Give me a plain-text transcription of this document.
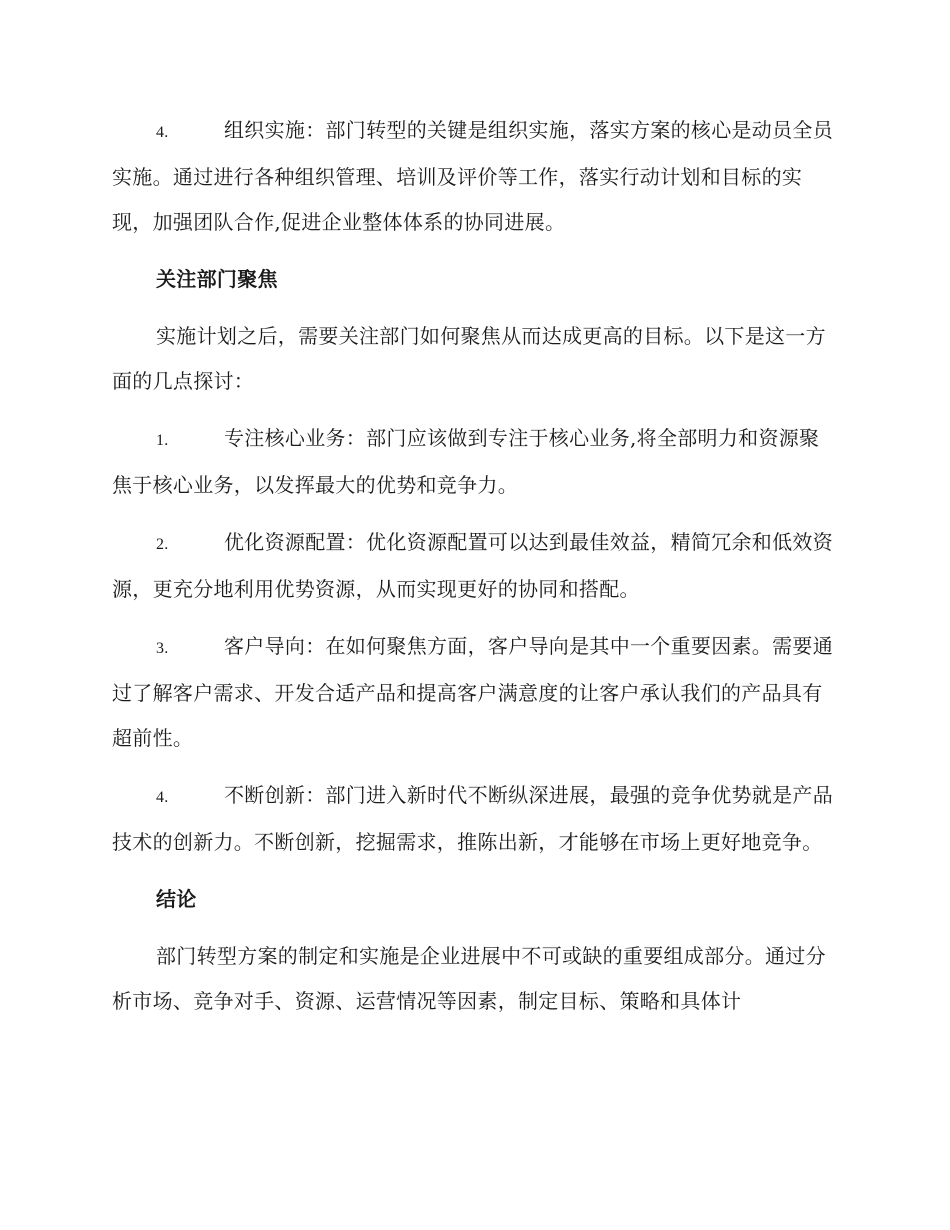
4.	组织实施：部门转型的关键是组织实施，落实方案的核心是动员全员实施。通过进行各种组织管理、培训及评价等工作，落实行动计划和目标的实现，加强团队合作,促进企业整体体系的协同进展。

关注部门聚焦

实施计划之后，需要关注部门如何聚焦从而达成更高的目标。以下是这一方面的几点探讨：

1.	专注核心业务：部门应该做到专注于核心业务,将全部明力和资源聚焦于核心业务，以发挥最大的优势和竞争力。

2.	优化资源配置：优化资源配置可以达到最佳效益，精简冗余和低效资源，更充分地利用优势资源，从而实现更好的协同和搭配。

3.	客户导向：在如何聚焦方面，客户导向是其中一个重要因素。需要通过了解客户需求、开发合适产品和提高客户满意度的让客户承认我们的产品具有超前性。

4.	不断创新：部门进入新时代不断纵深进展，最强的竞争优势就是产品技术的创新力。不断创新，挖掘需求，推陈出新，才能够在市场上更好地竞争。

结论

部门转型方案的制定和实施是企业进展中不可或缺的重要组成部分。通过分析市场、竞争对手、资源、运营情况等因素，制定目标、策略和具体计
